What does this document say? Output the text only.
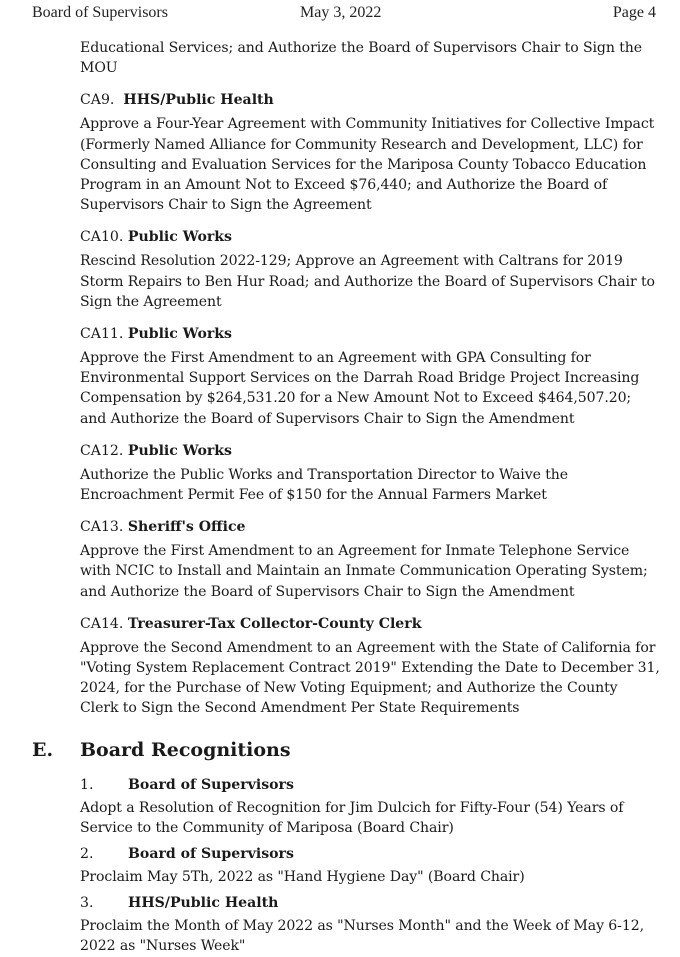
Board of Supervisors	May 3, 2022	Page 4

Educational Services; and Authorize the Board of Supervisors Chair to Sign the MOU

CA9. HHS/Public Health

Approve a Four-Year Agreement with Community Initiatives for Collective Impact (Formerly Named Alliance for Community Research and Development, LLC) for Consulting and Evaluation Services for the Mariposa County Tobacco Education Program in an Amount Not to Exceed $76,440; and Authorize the Board of Supervisors Chair to Sign the Agreement

CA10. Public Works

Rescind Resolution 2022-129; Approve an Agreement with Caltrans for 2019 Storm Repairs to Ben Hur Road; and Authorize the Board of Supervisors Chair to Sign the Agreement

CA11. Public Works

Approve the First Amendment to an Agreement with GPA Consulting for Environmental Support Services on the Darrah Road Bridge Project Increasing Compensation by $264,531.20 for a New Amount Not to Exceed $464,507.20; and Authorize the Board of Supervisors Chair to Sign the Amendment

CA12. Public Works

Authorize the Public Works and Transportation Director to Waive the Encroachment Permit Fee of $150 for the Annual Farmers Market

CA13. Sheriff's Office

Approve the First Amendment to an Agreement for Inmate Telephone Service with NCIC to Install and Maintain an Inmate Communication Operating System; and Authorize the Board of Supervisors Chair to Sign the Amendment

CA14. Treasurer-Tax Collector-County Clerk

Approve the Second Amendment to an Agreement with the State of California for "Voting System Replacement Contract 2019" Extending the Date to December 31, 2024, for the Purchase of New Voting Equipment; and Authorize the County Clerk to Sign the Second Amendment Per State Requirements

E. Board Recognitions
1. Board of Supervisors

Adopt a Resolution of Recognition for Jim Dulcich for Fifty-Four (54) Years of Service to the Community of Mariposa (Board Chair)

2. Board of Supervisors

Proclaim May 5Th, 2022 as "Hand Hygiene Day" (Board Chair)

3. HHS/Public Health

Proclaim the Month of May 2022 as "Nurses Month" and the Week of May 6-12, 2022 as "Nurses Week"
